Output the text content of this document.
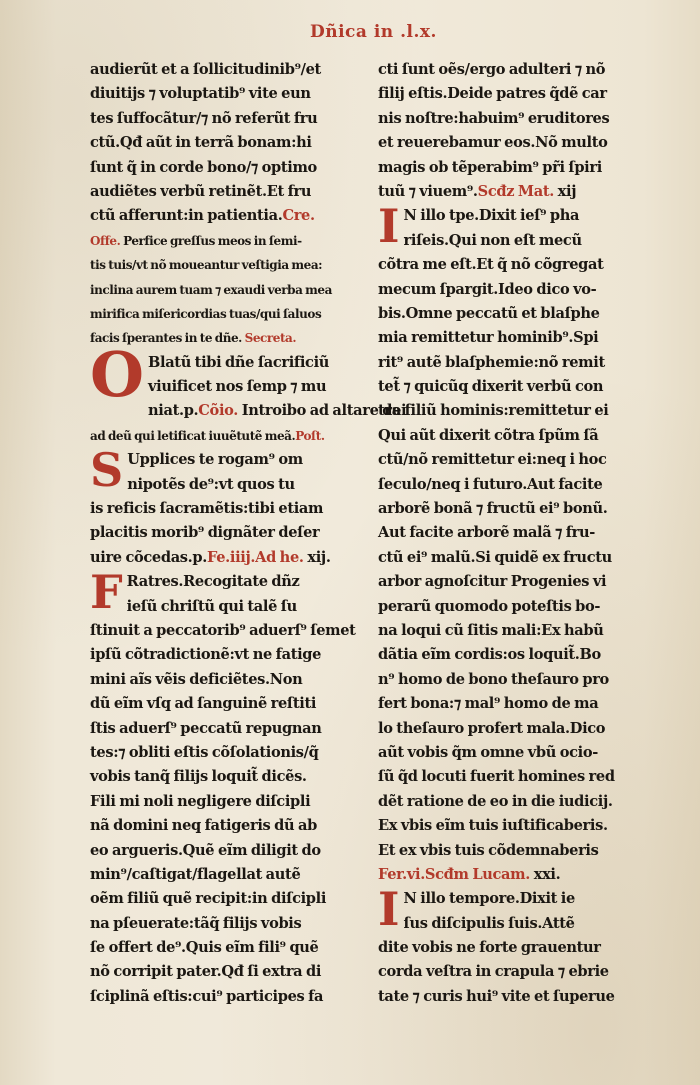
Dñica in .l.x.
audierũt et a ſollicitudinib⁹/et
diuitijs ⁊ voluptatib⁹ vite eun
tes ſuffocãtur/⁊ nõ referũt fru
ctũ.Qđ aũt in terrã bonam:hi
ſunt q̃ in corde bono/⁊ optimo
audiẽtes verbũ retinẽt.Et fru
ctũ afferunt:in patientia.Cre.
Offe. Perfice greſſus meos in ſemi-
tis tuis/vt nõ moueantur veſtigia mea:
inclina aurem tuam ⁊ exaudi verba mea
mirifica miſericordias tuas/qui ſaluos
facis ſperantes in te dñe. Secreta.
O Blatũ tibi dñe ſacrificiũ
viuificet nos ſemp ⁊ mu
niat.p.Cõio. Introibo ad altare dei
ad deũ qui letificat iuuẽtutẽ meã.Poſt.
S Upplices te rogam⁹ om
nipotẽs de⁹:vt quos tu
is reficis ſacramẽtis:tibi etiam
placitis morib⁹ dignãter deſer
uire cõcedas.p.Fe.iiij.Ad he. xij.
F Ratres.Recogitate dñz
ieſũ chriſtũ qui talẽ ſu
ſtinuit a peccatorib⁹ aduerſ⁹ ſemet
ipſũ cõtradictionẽ:vt ne fatige
mini aĩs vẽis deficiẽtes.Non
dũ eĩm vſq̧ ad ſanguinẽ reſtiti
ſtis aduerſ⁹ peccatũ repugnan
tes:⁊ obliti eſtis cõſolationis/q̃
vobis tanq̃ filijs loquit̃ dicẽs.
Fili mi noli negligere diſcipli
nã domini neq̧ fatigeris dũ ab
eo argueris.Quẽ eĩm diligit do
min⁹/caſtigat/flagellat autẽ
oẽm filiũ quẽ recipit:in diſcipli
na pſeuerate:tãq̃ filijs vobis
ſe offert de⁹.Quis eĩm fili⁹ quẽ
nõ corripit pater.Qđ ſi extra di
ſciplinã eſtis:cui⁹ participes fa
cti ſunt oẽs/ergo adulteri ⁊ nõ
filij eſtis.Deide patres q̃dẽ car
nis noſtre:habuim⁹ eruditores
et reuerebamur eos.Nõ multo
magis ob tẽperabim⁹ pr̃i ſpiri
tuũ ⁊ viuem⁹.Scđz Mat. xij
I N illo tpe.Dixit ieſ⁹ pha
riſeis.Qui non eſt mecũ
cõtra me eſt.Et q̃ nõ cõgregat
mecum ſpargit.Ideo dico vo-
bis.Omne peccatũ et blaſphe
mia remittetur hominib⁹.Spi
rit⁹ autẽ blaſphemie:nõ remit
tet̃ ⁊ quicũq̧ dixerit verbũ con
tra filiũ hominis:remittetur ei
Qui aũt dixerit cõtra ſpũm ſã
ctũ/nõ remittetur ei:neq̧ i hoc
ſeculo/neq̧ i futuro.Aut facite
arborẽ bonã ⁊ fructũ ei⁹ bonũ.
Aut facite arborẽ malã ⁊ fru-
ctũ ei⁹ malũ.Si quidẽ ex fructu
arbor agnoſcitur Progenies vi
perarũ quomodo poteſtis bo-
na loqui cũ ſitis mali:Ex habũ
dãtia eĩm cordis:os loquit̃.Bo
n⁹ homo de bono theſauro pro
fert bona:⁊ mal⁹ homo de ma
lo theſauro profert mala.Dico
aũt vobis q̃m omne vbũ ocio-
ſũ q̃d locuti fuerit homines red
dẽt ratione de eo in die iudicij.
Ex vbis eĩm tuis iuſtificaberis.
Et ex vbis tuis cõdemnaberis
Fer.vi.Scđm Lucam. xxi.
I N illo tempore.Dixit ie
ſus diſcipulis ſuis.Attẽ
dite vobis ne forte grauentur
corda veſtra in crapula ⁊ ebrie
tate ⁊ curis hui⁹ vite et ſuperue
